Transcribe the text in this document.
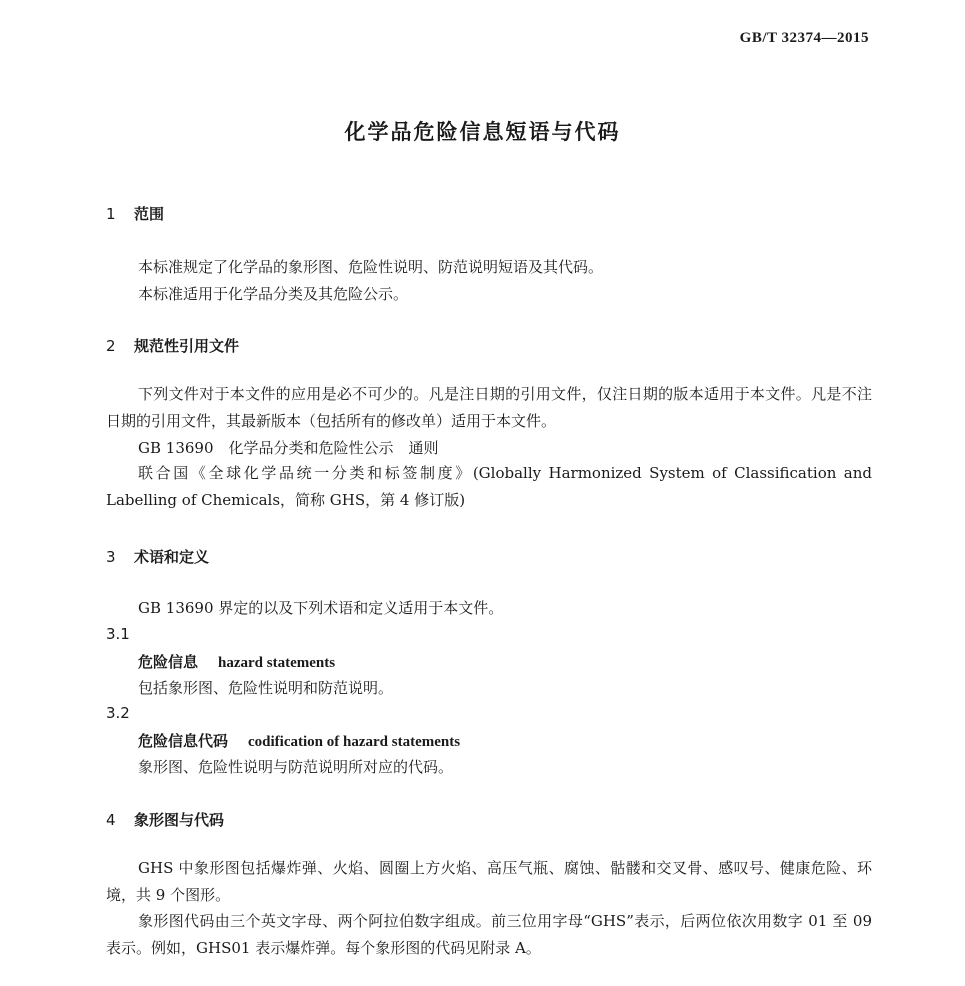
GB/T 32374—2015
化学品危险信息短语与代码
1 范围
本标准规定了化学品的象形图、危险性说明、防范说明短语及其代码。
本标准适用于化学品分类及其危险公示。
2 规范性引用文件
下列文件对于本文件的应用是必不可少的。凡是注日期的引用文件，仅注日期的版本适用于本文件。凡是不注日期的引用文件，其最新版本（包括所有的修改单）适用于本文件。
GB 13690　化学品分类和危险性公示　通则
联合国《全球化学品统一分类和标签制度》(Globally Harmonized System of Classification and Labelling of Chemicals，简称 GHS，第 4 修订版)
3 术语和定义
GB 13690 界定的以及下列术语和定义适用于本文件。
3.1
危险信息 hazard statements
包括象形图、危险性说明和防范说明。
3.2
危险信息代码 codification of hazard statements
象形图、危险性说明与防范说明所对应的代码。
4 象形图与代码
GHS 中象形图包括爆炸弹、火焰、圆圈上方火焰、高压气瓶、腐蚀、骷髅和交叉骨、感叹号、健康危险、环境，共 9 个图形。
象形图代码由三个英文字母、两个阿拉伯数字组成。前三位用字母“GHS”表示，后两位依次用数字 01 至 09 表示。例如，GHS01 表示爆炸弹。每个象形图的代码见附录 A。
